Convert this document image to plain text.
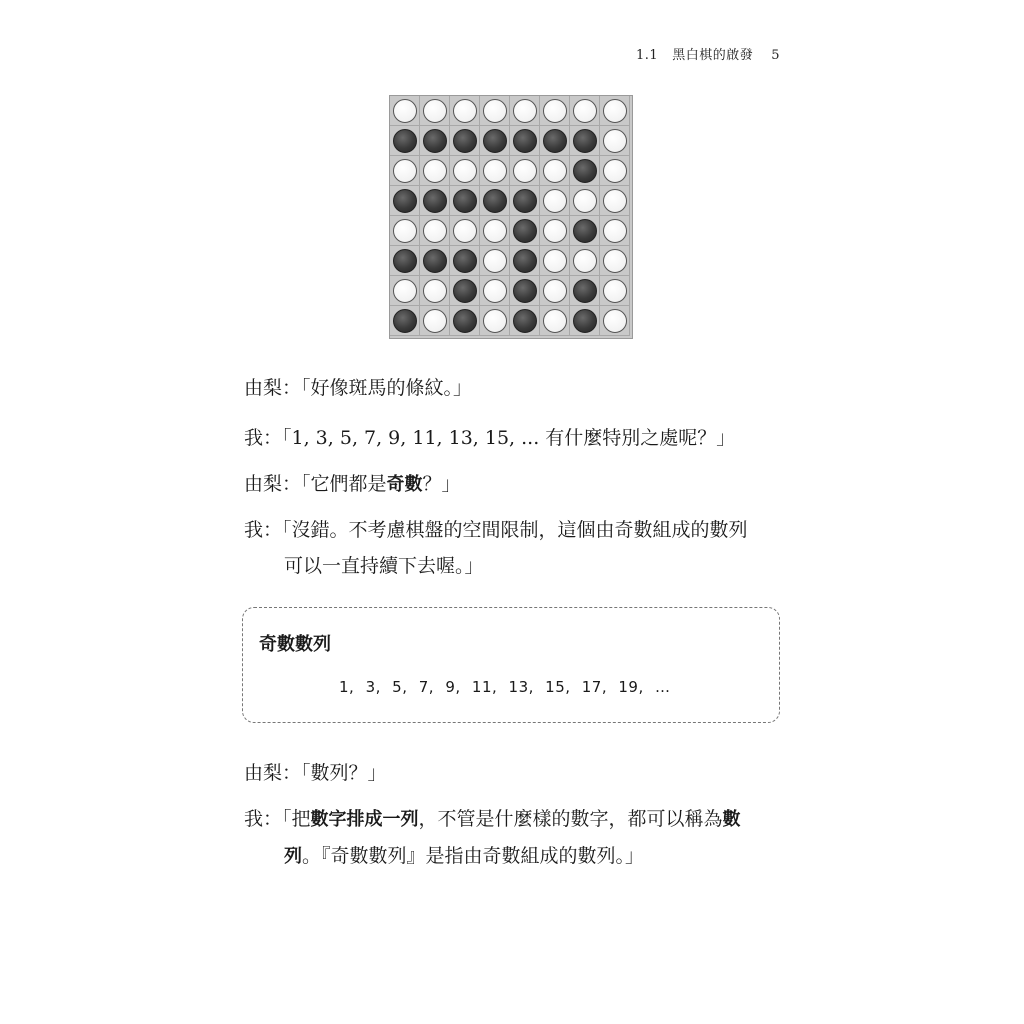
1.1 黑白棋的啟發 5
由梨：「好像斑馬的條紋。」
我：「1, 3, 5, 7, 9, 11, 13, 15, ... 有什麼特別之處呢？」
由梨：「它們都是奇數？」
我：「沒錯。不考慮棋盤的空間限制，這個由奇數組成的數列
可以一直持續下去喔。」
奇數數列
1, 3, 5, 7, 9, 11, 13, 15, 17, 19, …
由梨：「數列？」
我：「把數字排成一列，不管是什麼樣的數字，都可以稱為數
列。『奇數數列』是指由奇數組成的數列。」
